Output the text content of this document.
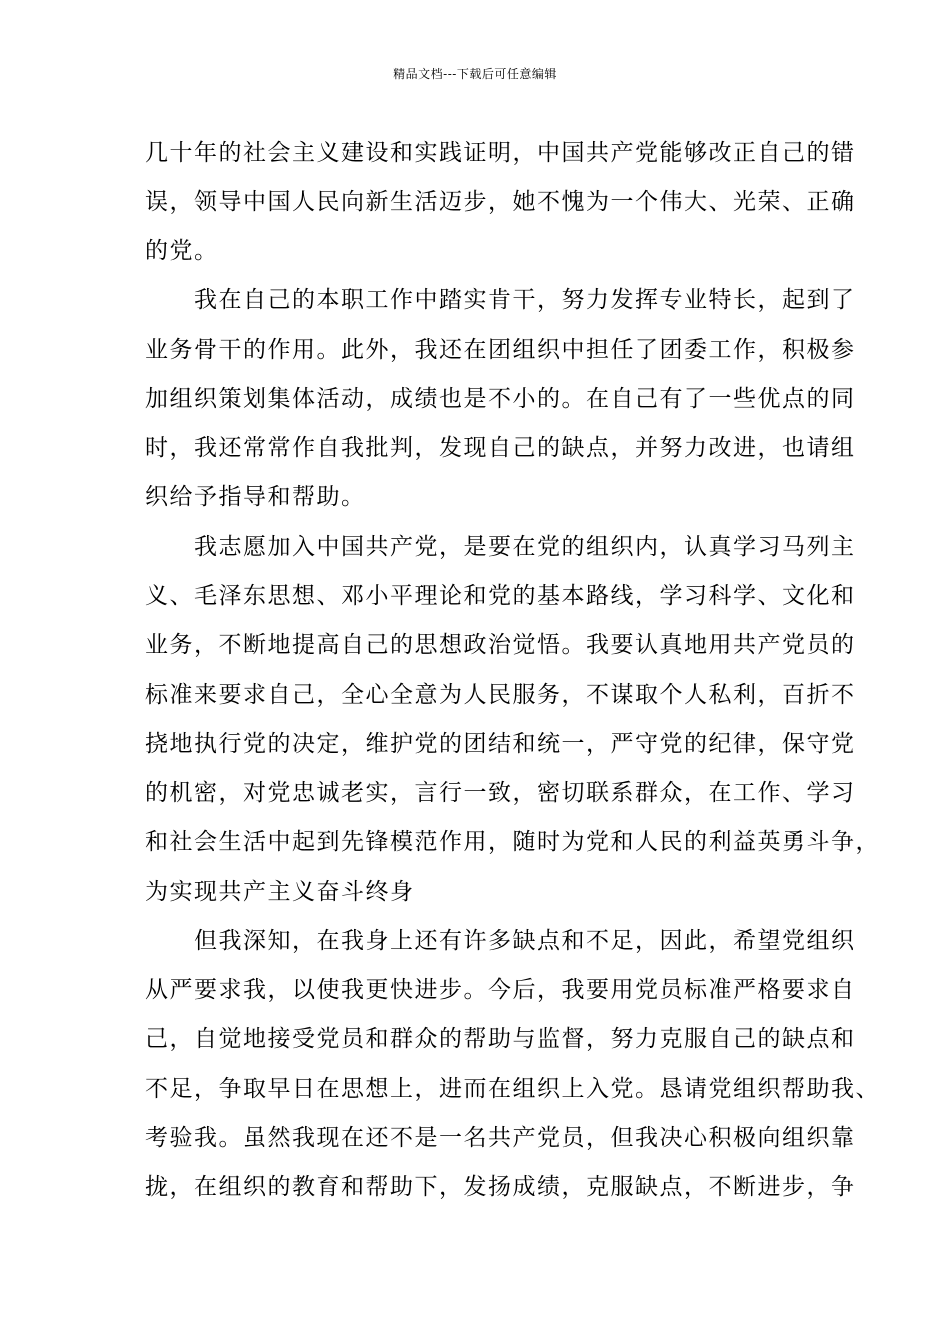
精品文档---下载后可任意编辑
几十年的社会主义建设和实践证明，中国共产党能够改正自己的错
误，领导中国人民向新生活迈步，她不愧为一个伟大、光荣、正确
的党。
　　我在自己的本职工作中踏实肯干，努力发挥专业特长，起到了
业务骨干的作用。此外，我还在团组织中担任了团委工作，积极参
加组织策划集体活动，成绩也是不小的。在自己有了一些优点的同
时，我还常常作自我批判，发现自己的缺点，并努力改进，也请组
织给予指导和帮助。
　　我志愿加入中国共产党，是要在党的组织内，认真学习马列主
义、毛泽东思想、邓小平理论和党的基本路线，学习科学、文化和
业务，不断地提高自己的思想政治觉悟。我要认真地用共产党员的
标准来要求自己，全心全意为人民服务，不谋取个人私利，百折不
挠地执行党的决定，维护党的团结和统一，严守党的纪律，保守党
的机密，对党忠诚老实，言行一致，密切联系群众，在工作、学习
和社会生活中起到先锋模范作用，随时为党和人民的利益英勇斗争，
为实现共产主义奋斗终身
　　但我深知，在我身上还有许多缺点和不足，因此，希望党组织
从严要求我，以使我更快进步。今后，我要用党员标准严格要求自
己，自觉地接受党员和群众的帮助与监督，努力克服自己的缺点和
不足，争取早日在思想上，进而在组织上入党。恳请党组织帮助我、
考验我。虽然我现在还不是一名共产党员，但我决心积极向组织靠
拢，在组织的教育和帮助下，发扬成绩，克服缺点，不断进步，争
